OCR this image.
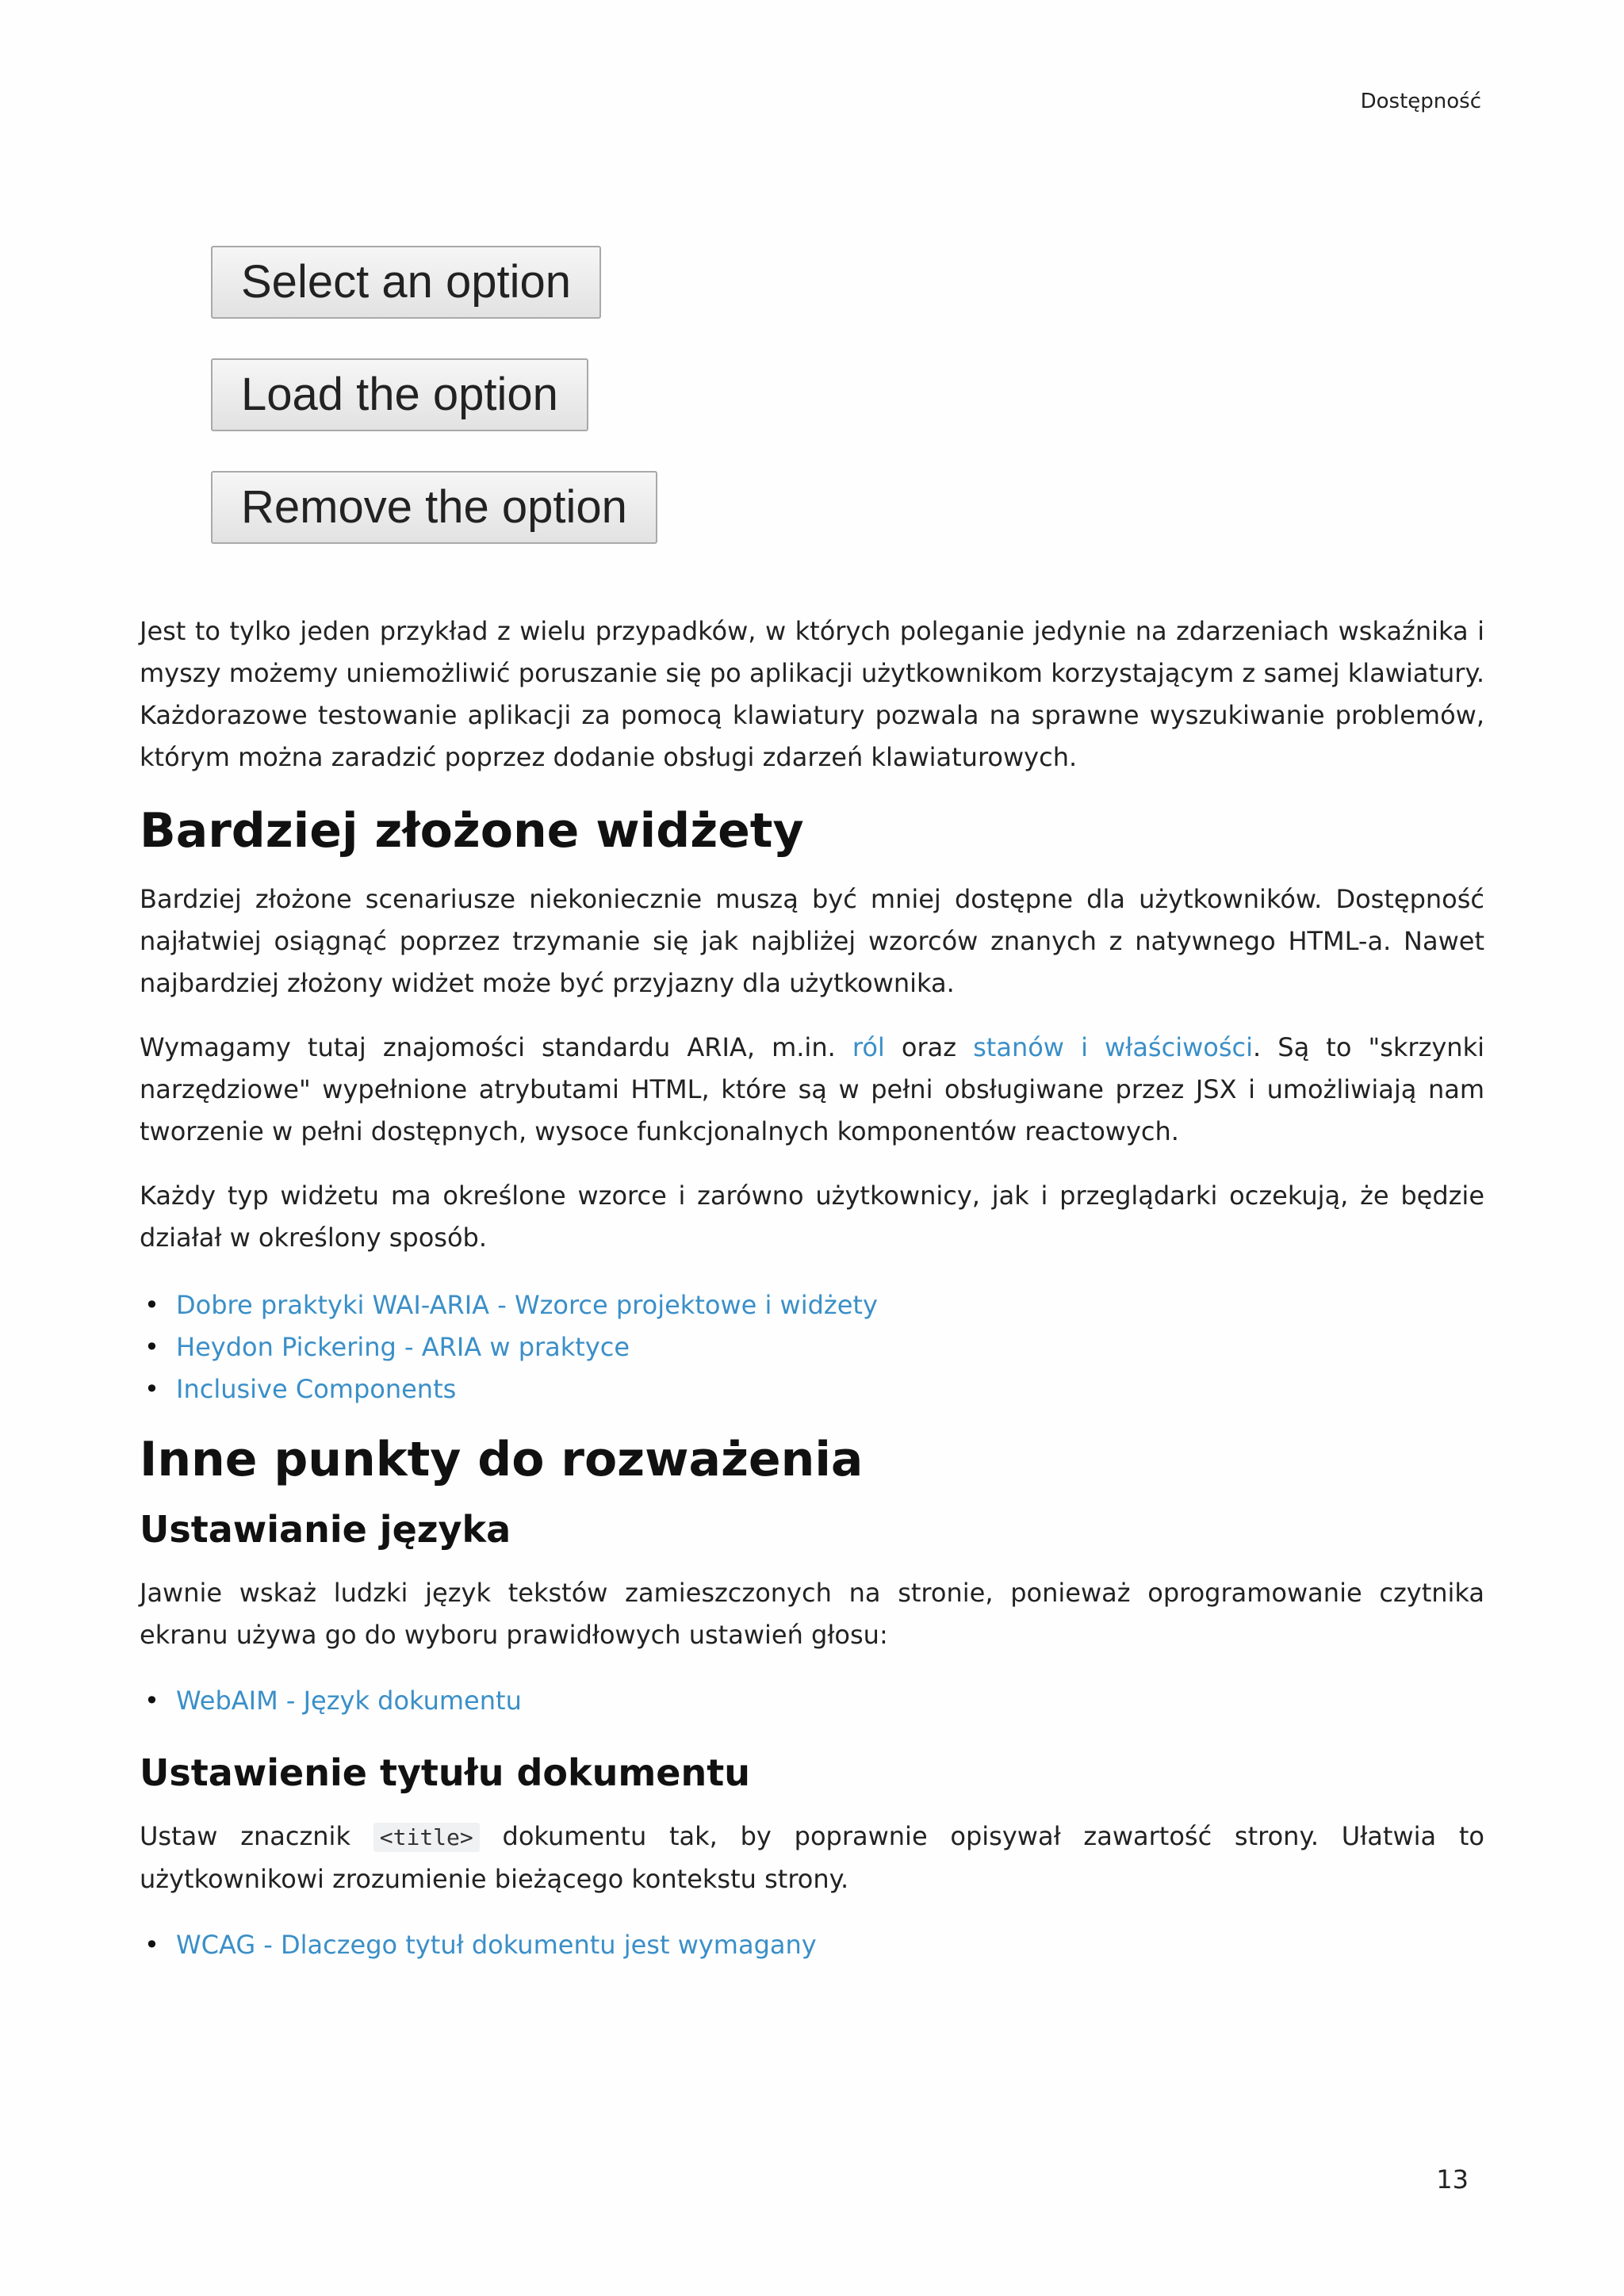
Dostępność
Select an option
Load the option
Remove the option

Jest to tylko jeden przykład z wielu przypadków, w których poleganie jedynie na zdarzeniach wskaźnika i myszy możemy uniemożliwić poruszanie się po aplikacji użytkownikom korzystającym z samej klawiatury. Każdorazowe testowanie aplikacji za pomocą klawiatury pozwala na sprawne wyszukiwanie problemów, którym można zaradzić poprzez dodanie obsługi zdarzeń klawiaturowych.

Bardziej złożone widżety

Bardziej złożone scenariusze niekoniecznie muszą być mniej dostępne dla użytkowników. Dostępność najłatwiej osiągnąć poprzez trzymanie się jak najbliżej wzorców znanych z natywnego HTML-a. Nawet najbardziej złożony widżet może być przyjazny dla użytkownika.

Wymagamy tutaj znajomości standardu ARIA, m.in. ról oraz stanów i właściwości. Są to "skrzynki narzędziowe" wypełnione atrybutami HTML, które są w pełni obsługiwane przez JSX i umożliwiają nam tworzenie w pełni dostępnych, wysoce funkcjonalnych komponentów reactowych.

Każdy typ widżetu ma określone wzorce i zarówno użytkownicy, jak i przeglądarki oczekują, że będzie działał w określony sposób.

• Dobre praktyki WAI-ARIA - Wzorce projektowe i widżety
• Heydon Pickering - ARIA w praktyce
• Inclusive Components
Inne punkty do rozważenia
Ustawianie języka

Jawnie wskaż ludzki język tekstów zamieszczonych na stronie, ponieważ oprogramowanie czytnika ekranu używa go do wyboru prawidłowych ustawień głosu:

• WebAIM - Język dokumentu
Ustawienie tytułu dokumentu

Ustaw znacznik <title> dokumentu tak, by poprawnie opisywał zawartość strony. Ułatwia to użytkownikowi zrozumienie bieżącego kontekstu strony.

• WCAG - Dlaczego tytuł dokumentu jest wymagany
13
